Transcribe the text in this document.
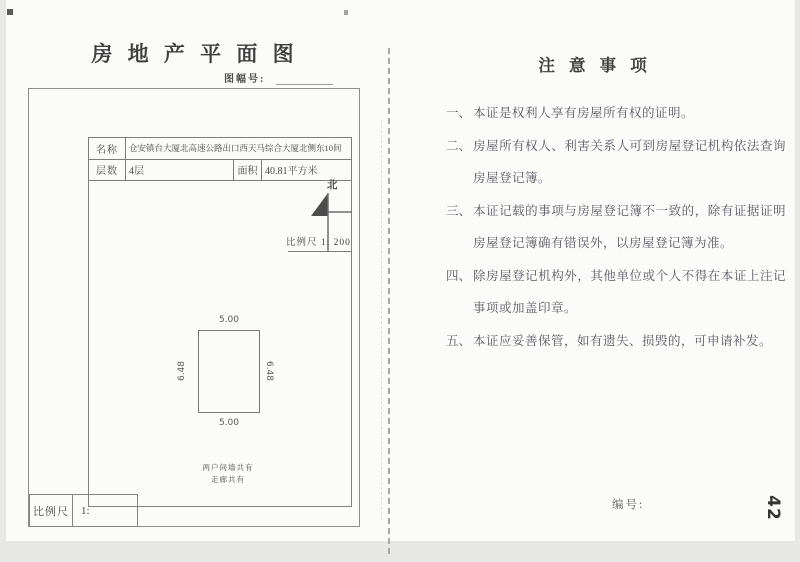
房 地 产 平 面 图
图幅号:
名称	仓安镇台大厦北高速公路出口西天马综合大厦北侧东10间
层数	4层	面积 40.81平方米
北
比例尺 1: 200
5.00
5.00
6.48	6.48
两户间墙共有
走廊共有
比例尺	1:
注 意 事 项
一、 本证是权利人享有房屋所有权的证明。
二、 房屋所有权人、利害关系人可到房屋登记机构依法查询房屋登记簿。
三、 本证记载的事项与房屋登记簿不一致的，除有证据证明房屋登记簿确有错误外，以房屋登记簿为准。
四、 除房屋登记机构外，其他单位或个人不得在本证上注记事项或加盖印章。
五、 本证应妥善保管，如有遗失、损毁的，可申请补发。
编号:	42
